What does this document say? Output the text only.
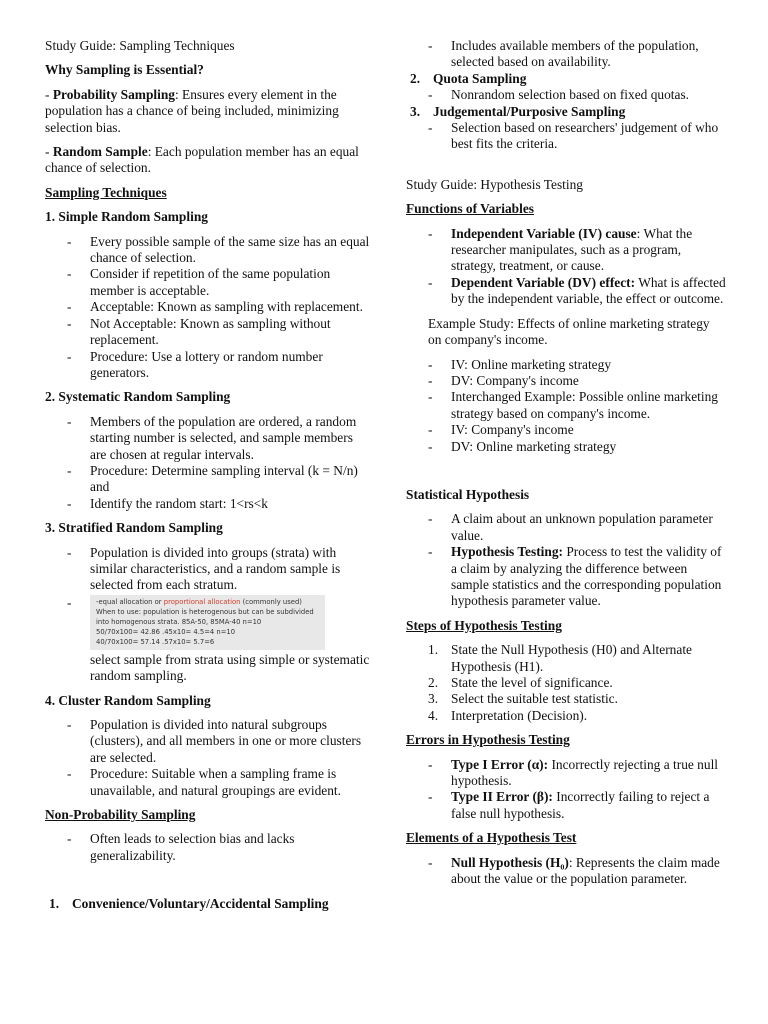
Study Guide: Sampling Techniques

Why Sampling is Essential?

- Probability Sampling: Ensures every element in the population has a chance of being included, minimizing selection bias.

- Random Sample: Each population member has an equal chance of selection.

Sampling Techniques

1. Simple Random Sampling

- Every possible sample of the same size has an equal chance of selection.
- Consider if repetition of the same population member is acceptable.
- Acceptable: Known as sampling with replacement.
- Not Acceptable: Known as sampling without replacement.
- Procedure: Use a lottery or random number generators.

2. Systematic Random Sampling

- Members of the population are ordered, a random starting number is selected, and sample members are chosen at regular intervals.
- Procedure: Determine sampling interval (k = N/n) and
- Identify the random start: 1<rs<k

3. Stratified Random Sampling

- Population is divided into groups (strata) with similar characteristics, and a random sample is selected from each stratum.
- -equal allocation or proportional allocation (commonly used)
When to use: population is heterogenous but can be subdivided into homogenous strata. 85A-50, 85MA-40 n=10
50/70x100= 42.86 .45x10= 4.5=4 n=10
40/70x100= 57.14 .57x10= 5.7=6

select sample from strata using simple or systematic random sampling.

4. Cluster Random Sampling

- Population is divided into natural subgroups (clusters), and all members in one or more clusters are selected.
- Procedure: Suitable when a sampling frame is unavailable, and natural groupings are evident.

Non-Probability Sampling

- Often leads to selection bias and lacks generalizability.
1. Convenience/Voluntary/Accidental Sampling
- Includes available members of the population, selected based on availability.
2. Quota Sampling
- Nonrandom selection based on fixed quotas.
3. Judgemental/Purposive Sampling
- Selection based on researchers' judgement of who best fits the criteria.

Study Guide: Hypothesis Testing

Functions of Variables

- Independent Variable (IV) cause: What the researcher manipulates, such as a program, strategy, treatment, or cause.
- Dependent Variable (DV) effect: What is affected by the independent variable, the effect or outcome.

Example Study: Effects of online marketing strategy on company's income.

- IV: Online marketing strategy
- DV: Company's income
- Interchanged Example: Possible online marketing strategy based on company's income.
- IV: Company's income
- DV: Online marketing strategy

Statistical Hypothesis

- A claim about an unknown population parameter value.
- Hypothesis Testing: Process to test the validity of a claim by analyzing the difference between sample statistics and the corresponding population hypothesis parameter value.

Steps of Hypothesis Testing

1. State the Null Hypothesis (H0) and Alternate Hypothesis (H1).
2. State the level of significance.
3. Select the suitable test statistic.
4. Interpretation (Decision).

Errors in Hypothesis Testing

- Type I Error (α): Incorrectly rejecting a true null hypothesis.
- Type II Error (β): Incorrectly failing to reject a false null hypothesis.

Elements of a Hypothesis Test

- Null Hypothesis (H₀): Represents the claim made about the value or the population parameter.
